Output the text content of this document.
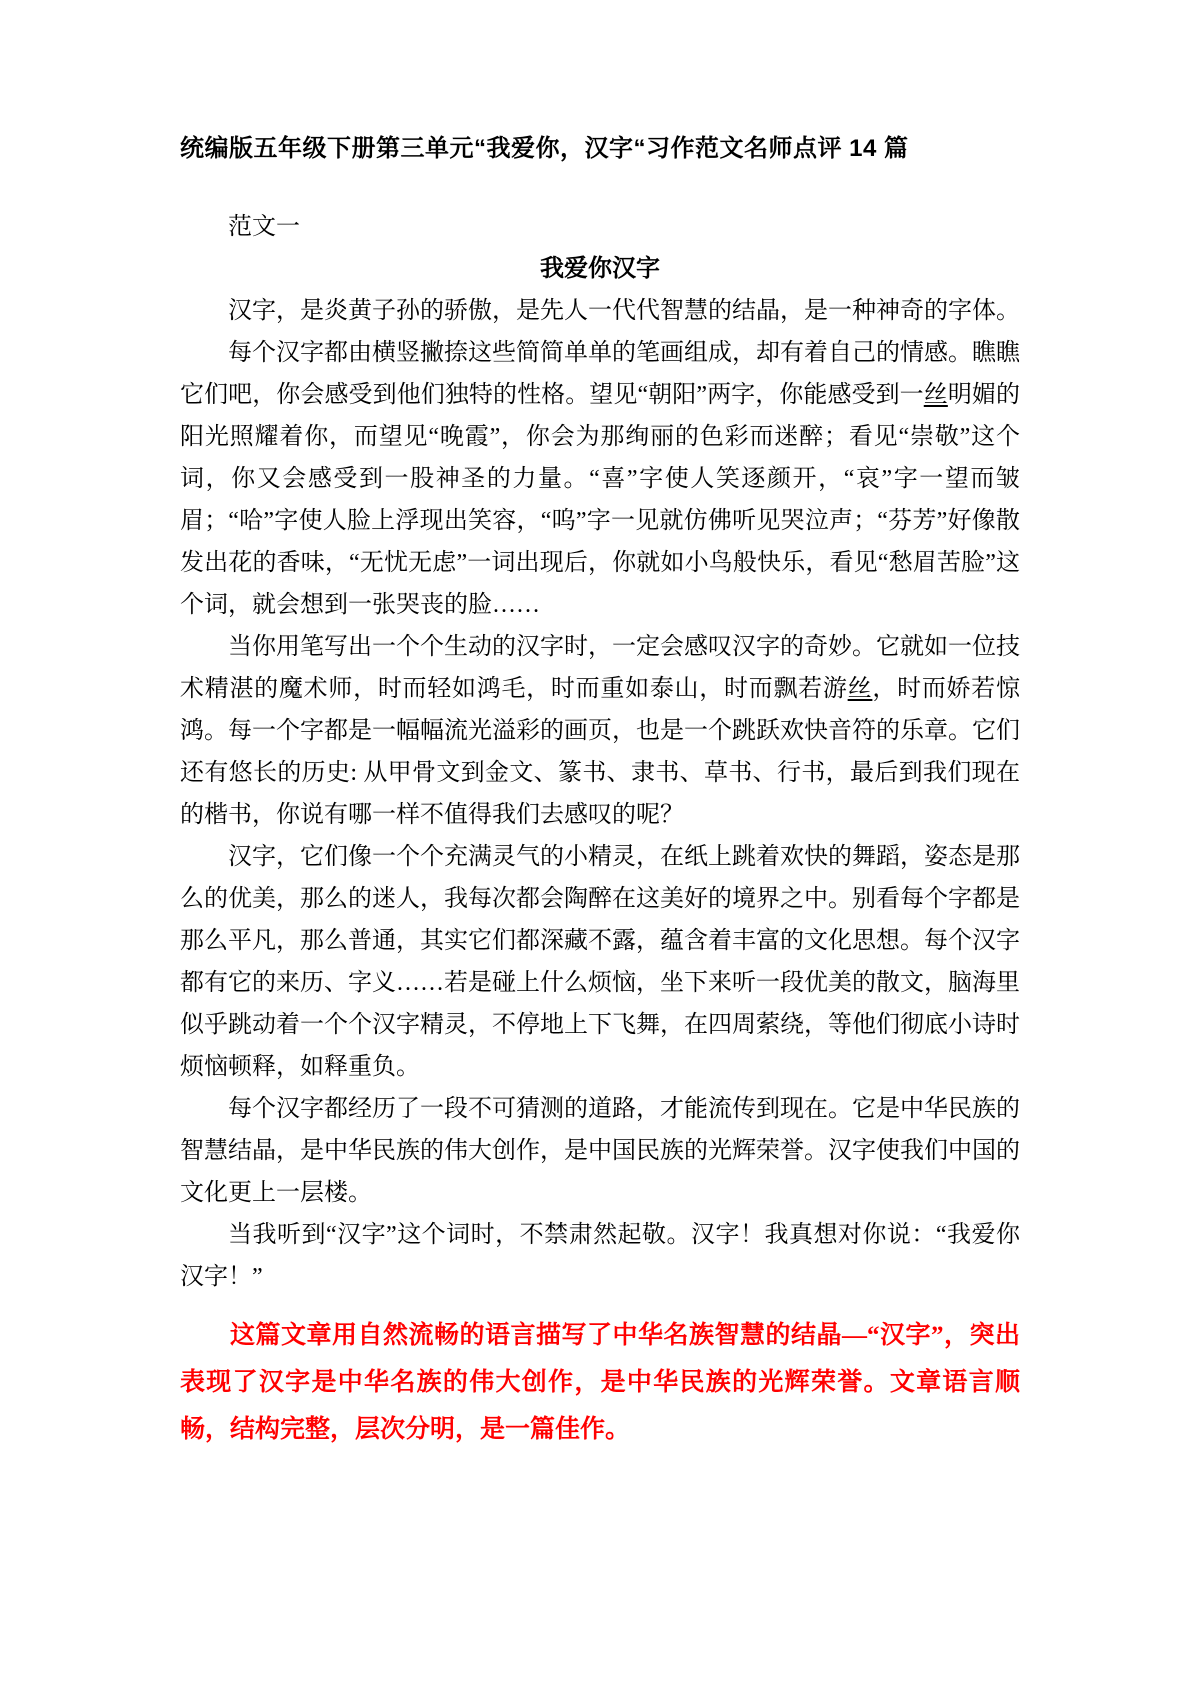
统编版五年级下册第三单元“我爱你，汉字“习作范文名师点评 14 篇

范文一

我爱你汉字

汉字，是炎黄子孙的骄傲，是先人一代代智慧的结晶，是一种神奇的字体。

每个汉字都由横竖撇捺这些简简单单的笔画组成，却有着自己的情感。瞧瞧它们吧，你会感受到他们独特的性格。望见“朝阳”两字，你能感受到一丝明媚的阳光照耀着你，而望见“晚霞”，你会为那绚丽的色彩而迷醉；看见“崇敬”这个词，你又会感受到一股神圣的力量。“喜”字使人笑逐颜开，“哀”字一望而皱眉；“哈”字使人脸上浮现出笑容，“呜”字一见就仿佛听见哭泣声；“芬芳”好像散发出花的香味，“无忧无虑”一词出现后，你就如小鸟般快乐，看见“愁眉苦脸”这个词，就会想到一张哭丧的脸……

当你用笔写出一个个生动的汉字时，一定会感叹汉字的奇妙。它就如一位技术精湛的魔术师，时而轻如鸿毛，时而重如泰山，时而飘若游丝，时而娇若惊鸿。每一个字都是一幅幅流光溢彩的画页，也是一个跳跃欢快音符的乐章。它们还有悠长的历史: 从甲骨文到金文、篆书、隶书、草书、行书，最后到我们现在的楷书，你说有哪一样不值得我们去感叹的呢？

汉字，它们像一个个充满灵气的小精灵，在纸上跳着欢快的舞蹈，姿态是那么的优美，那么的迷人，我每次都会陶醉在这美好的境界之中。别看每个字都是那么平凡，那么普通，其实它们都深藏不露，蕴含着丰富的文化思想。每个汉字都有它的来历、字义……若是碰上什么烦恼，坐下来听一段优美的散文，脑海里似乎跳动着一个个汉字精灵，不停地上下飞舞，在四周萦绕，等他们彻底小诗时烦恼顿释，如释重负。

每个汉字都经历了一段不可猜测的道路，才能流传到现在。它是中华民族的智慧结晶，是中华民族的伟大创作，是中国民族的光辉荣誉。汉字使我们中国的文化更上一层楼。

当我听到“汉字”这个词时，不禁肃然起敬。汉字！我真想对你说：“我爱你汉字！”

这篇文章用自然流畅的语言描写了中华名族智慧的结晶—“汉字”，突出表现了汉字是中华名族的伟大创作，是中华民族的光辉荣誉。文章语言顺畅，结构完整，层次分明，是一篇佳作。
